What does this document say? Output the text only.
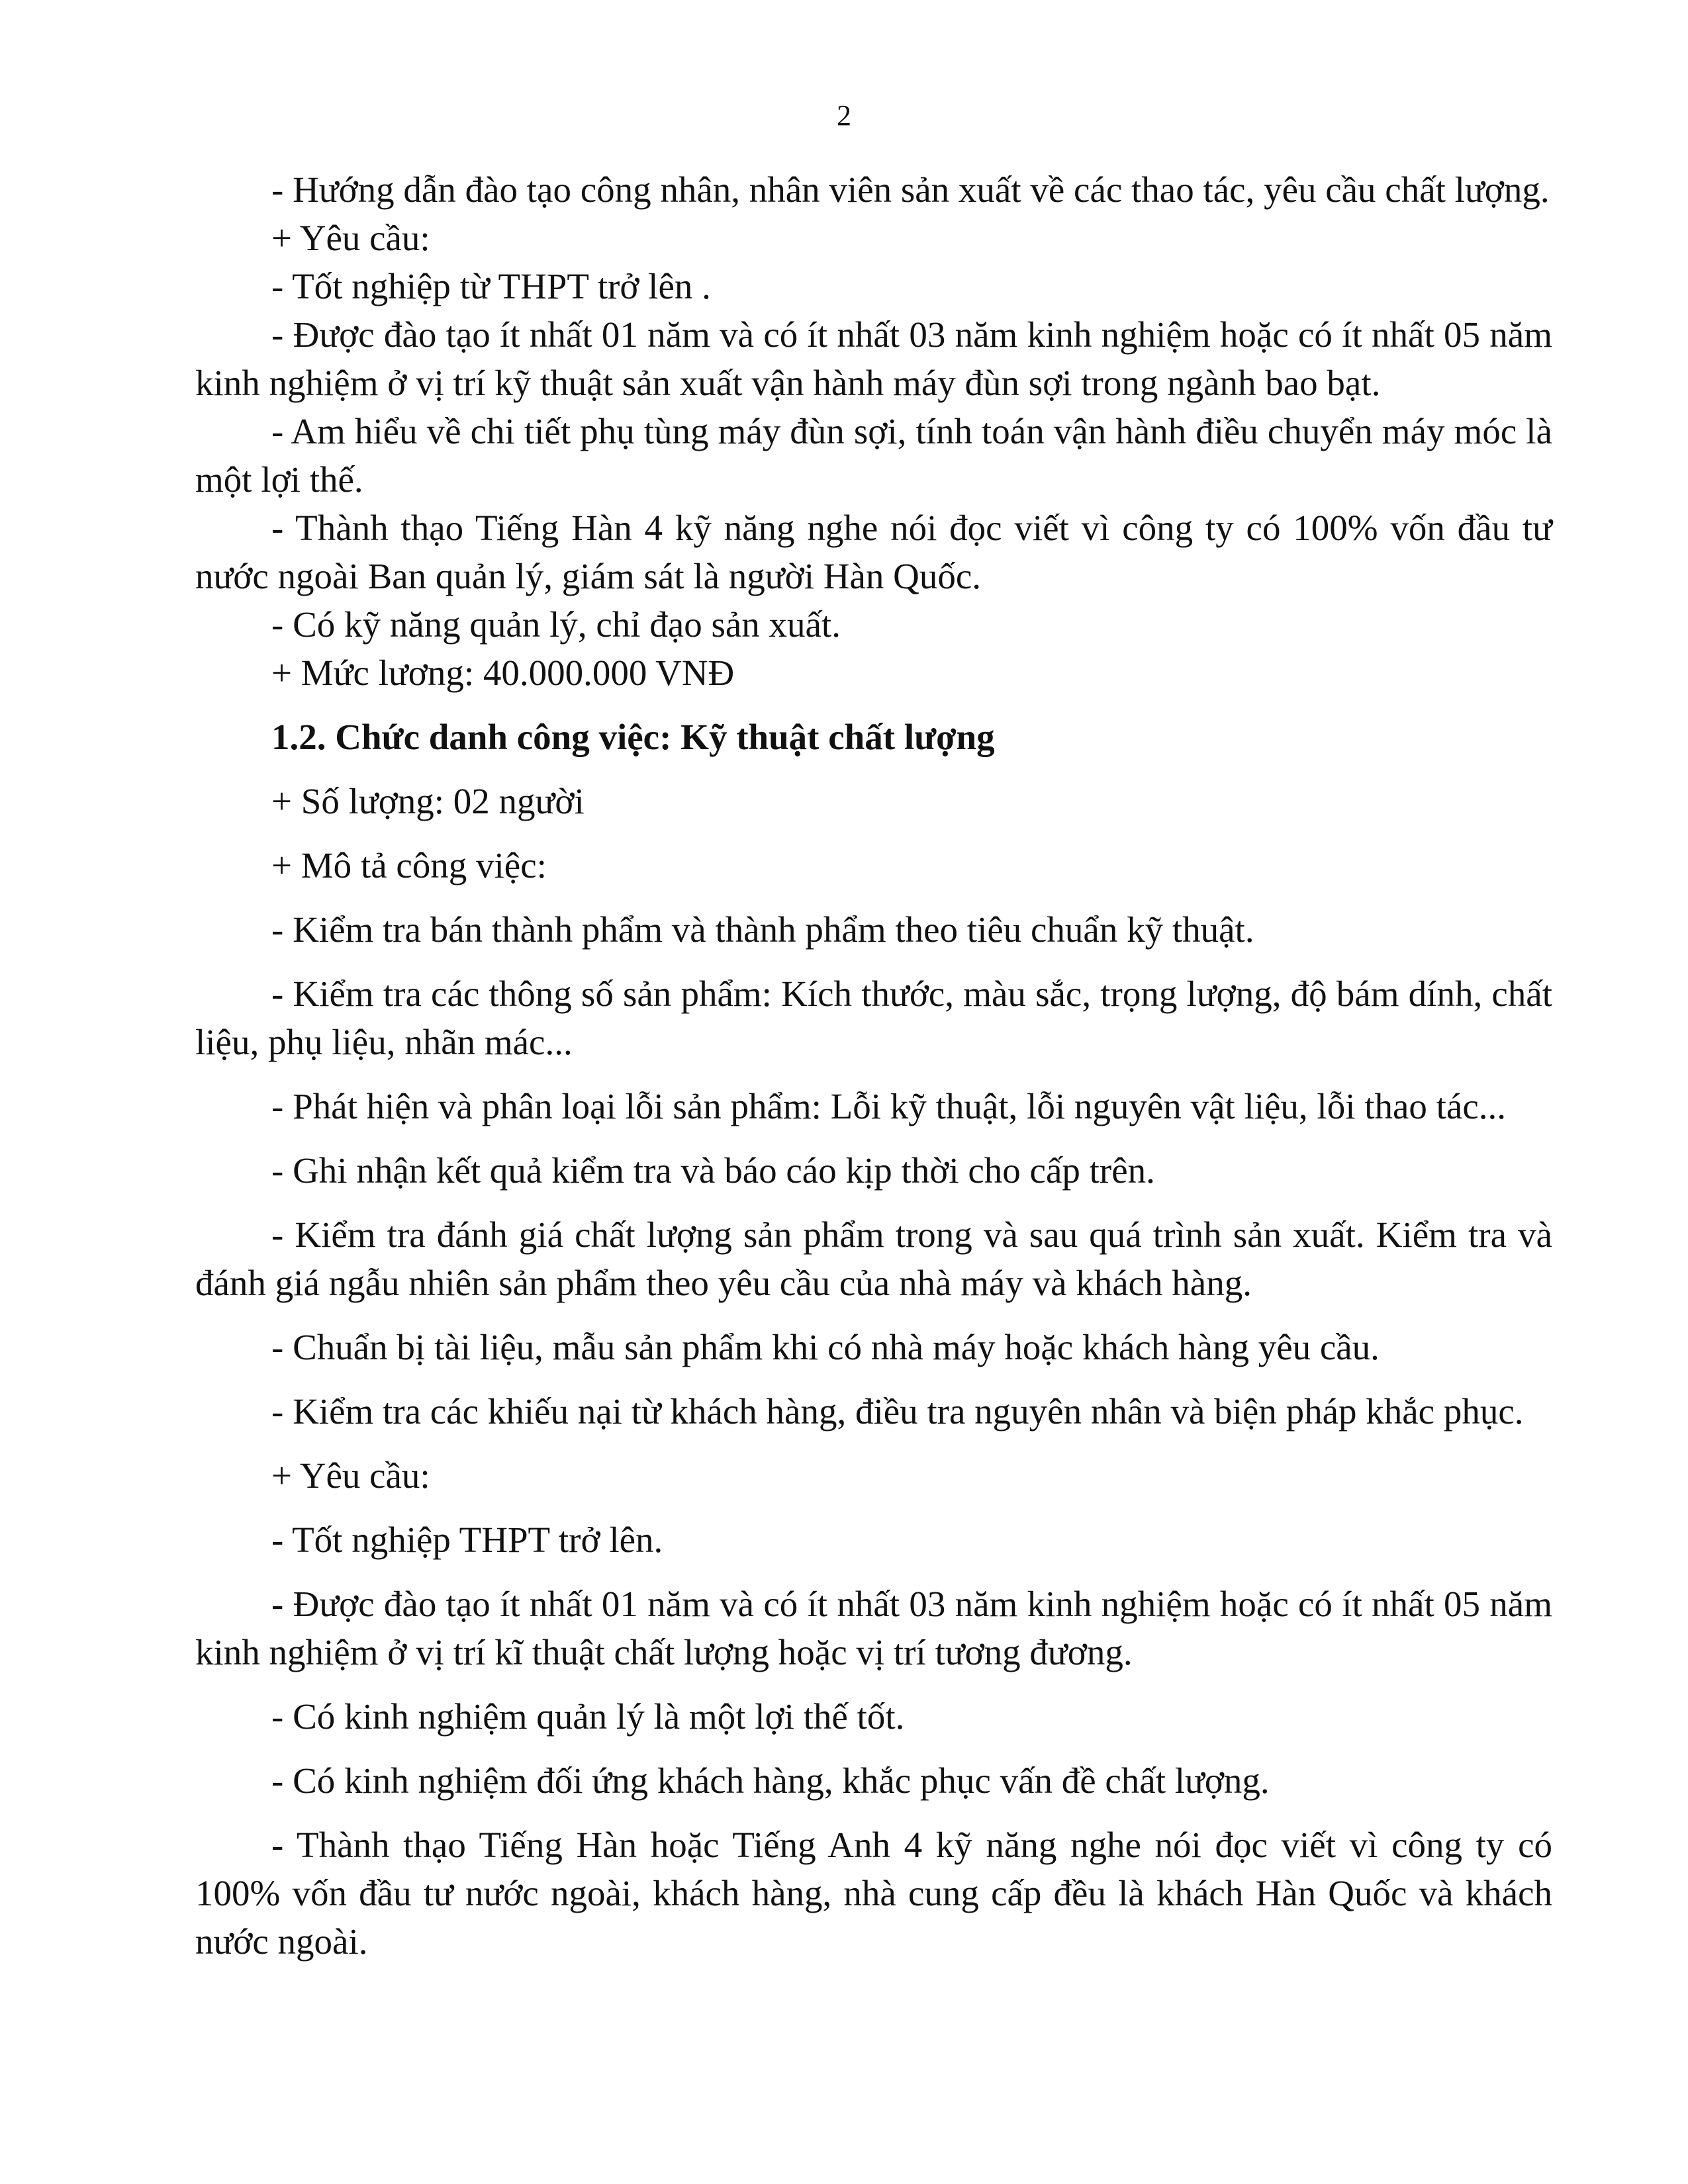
2

- Hướng dẫn đào tạo công nhân, nhân viên sản xuất về các thao tác, yêu cầu chất lượng.

+ Yêu cầu:

- Tốt nghiệp từ THPT trở lên .

- Được đào tạo ít nhất 01 năm và có ít nhất 03 năm kinh nghiệm hoặc có ít nhất 05 năm kinh nghiệm ở vị trí kỹ thuật sản xuất vận hành máy đùn sợi trong ngành bao bạt.

- Am hiểu về chi tiết phụ tùng máy đùn sợi, tính toán vận hành điều chuyển máy móc là một lợi thế.

- Thành thạo Tiếng Hàn 4 kỹ năng nghe nói đọc viết vì công ty có 100% vốn đầu tư nước ngoài Ban quản lý, giám sát là người Hàn Quốc.

- Có kỹ năng quản lý, chỉ đạo sản xuất.

+ Mức lương: 40.000.000 VNĐ

1.2. Chức danh công việc: Kỹ thuật chất lượng

+ Số lượng: 02 người

+ Mô tả công việc:

- Kiểm tra bán thành phẩm và thành phẩm theo tiêu chuẩn kỹ thuật.

- Kiểm tra các thông số sản phẩm: Kích thước, màu sắc, trọng lượng, độ bám dính, chất liệu, phụ liệu, nhãn mác...

- Phát hiện và phân loại lỗi sản phẩm: Lỗi kỹ thuật, lỗi nguyên vật liệu, lỗi thao tác...

- Ghi nhận kết quả kiểm tra và báo cáo kịp thời cho cấp trên.

- Kiểm tra đánh giá chất lượng sản phẩm trong và sau quá trình sản xuất. Kiểm tra và đánh giá ngẫu nhiên sản phẩm theo yêu cầu của nhà máy và khách hàng.

- Chuẩn bị tài liệu, mẫu sản phẩm khi có nhà máy hoặc khách hàng yêu cầu.

- Kiểm tra các khiếu nại từ khách hàng, điều tra nguyên nhân và biện pháp khắc phục.

+ Yêu cầu:

- Tốt nghiệp THPT trở lên.

- Được đào tạo ít nhất 01 năm và có ít nhất 03 năm kinh nghiệm hoặc có ít nhất 05 năm kinh nghiệm ở vị trí kĩ thuật chất lượng hoặc vị trí tương đương.

- Có kinh nghiệm quản lý là một lợi thế tốt.

- Có kinh nghiệm đối ứng khách hàng, khắc phục vấn đề chất lượng.

- Thành thạo Tiếng Hàn hoặc Tiếng Anh 4 kỹ năng nghe nói đọc viết vì công ty có 100% vốn đầu tư nước ngoài, khách hàng, nhà cung cấp đều là khách Hàn Quốc và khách nước ngoài.
